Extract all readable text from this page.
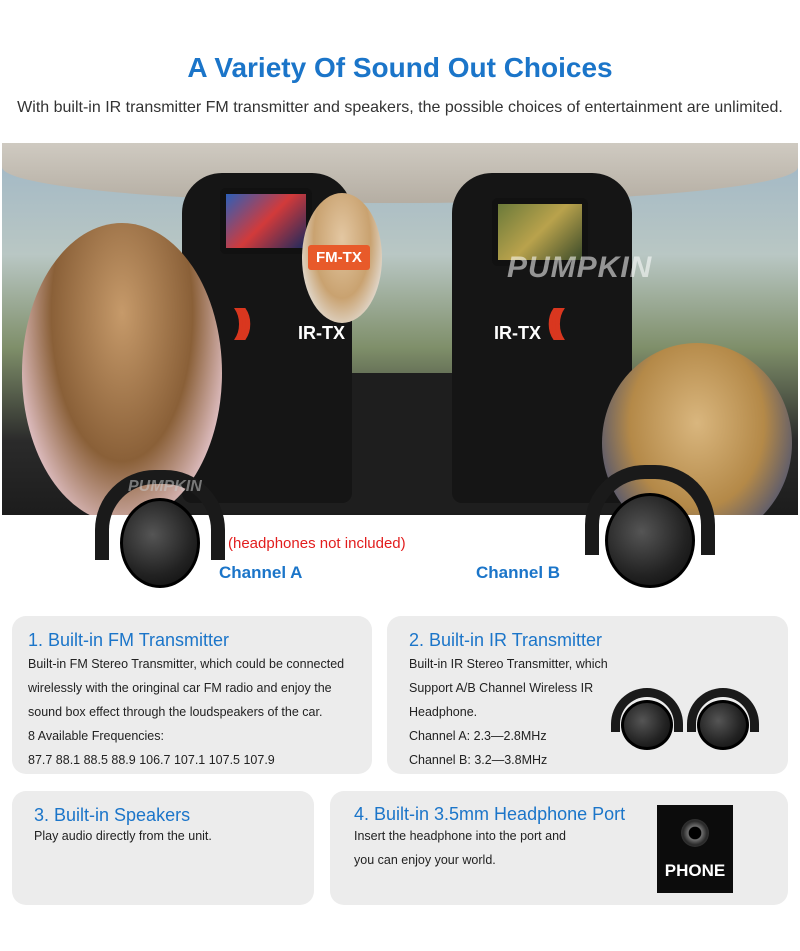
A Variety Of Sound Out Choices
With built-in IR transmitter FM transmitter and speakers, the possible choices of entertainment are unlimited.
FM-TX
)))	IR-TX	IR-TX (((
PUMPKIN
PUMPKIN
(headphones not included)
Channel A	Channel B
1. Built-in FM Transmitter

Built-in FM Stereo Transmitter, which could be connected

wirelessly with the oringinal car FM radio and enjoy the

sound box effect through the loudspeakers of the car.

8 Available Frequencies:

87.7 88.1 88.5 88.9 106.7 107.1 107.5 107.9

2. Built-in IR Transmitter

Built-in IR Stereo Transmitter, which

Support A/B Channel Wireless IR

Headphone.

Channel A: 2.3—2.8MHz

Channel B: 3.2—3.8MHz

3. Built-in Speakers

Play audio directly from the unit.

4. Built-in 3.5mm Headphone Port

Insert the headphone into the port and

you can enjoy your world.

PHONE
